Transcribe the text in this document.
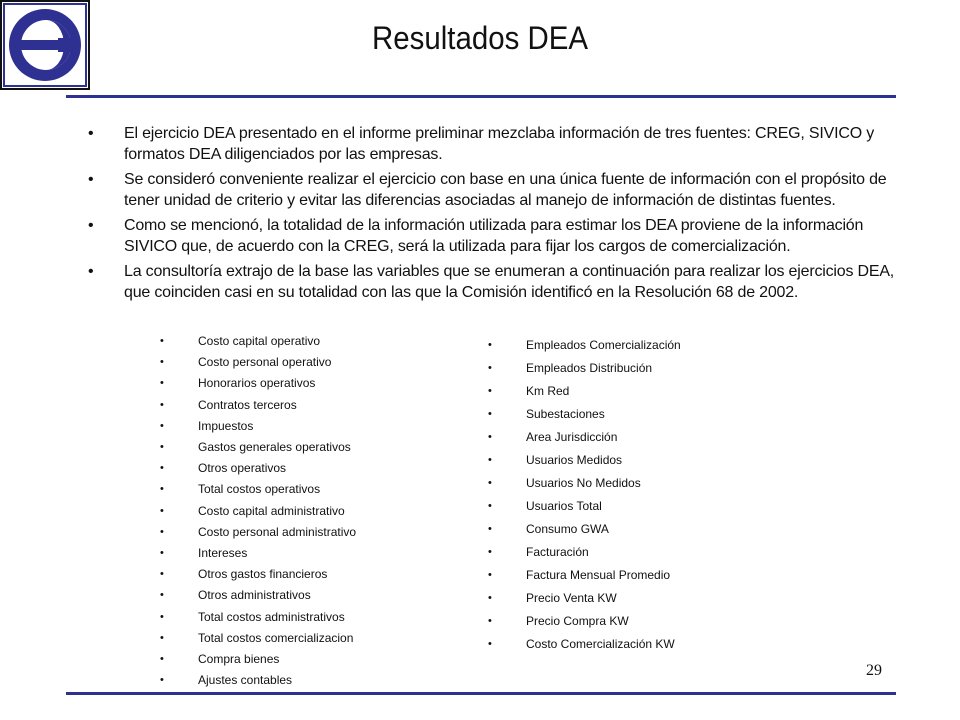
Resultados DEA
• El ejercicio DEA presentado en el informe preliminar mezclaba información de tres fuentes: CREG, SIVICO y formatos DEA diligenciados por las empresas.
• Se consideró conveniente realizar el ejercicio con base en una única fuente de información con el propósito de tener unidad de criterio y evitar las diferencias asociadas al manejo de información de distintas fuentes.
• Como se mencionó, la totalidad de la información utilizada para estimar los DEA proviene de la información SIVICO que, de acuerdo con la CREG, será la utilizada para fijar los cargos de comercialización.
• La consultoría extrajo de la base las variables que se enumeran a continuación para realizar los ejercicios DEA, que coinciden casi en su totalidad con las que la Comisión identificó en la Resolución 68 de 2002.
•	Costo capital operativo
•	Costo personal operativo
•	Honorarios operativos
•	Contratos terceros
•	Impuestos
•	Gastos generales operativos
•	Otros operativos
•	Total costos operativos
•	Costo capital administrativo
•	Costo personal administrativo
•	Intereses
•	Otros gastos financieros
•	Otros administrativos
•	Total costos administrativos
•	Total costos comercializacion
•	Compra bienes
•	Ajustes contables
•	Empleados Comercialización
•	Empleados Distribución
•	Km Red
•	Subestaciones
•	Area Jurisdicción
•	Usuarios Medidos
•	Usuarios No Medidos
•	Usuarios Total
•	Consumo GWA
•	Facturación
•	Factura Mensual Promedio
•	Precio Venta KW
•	Precio Compra KW
•	Costo Comercialización KW
29
